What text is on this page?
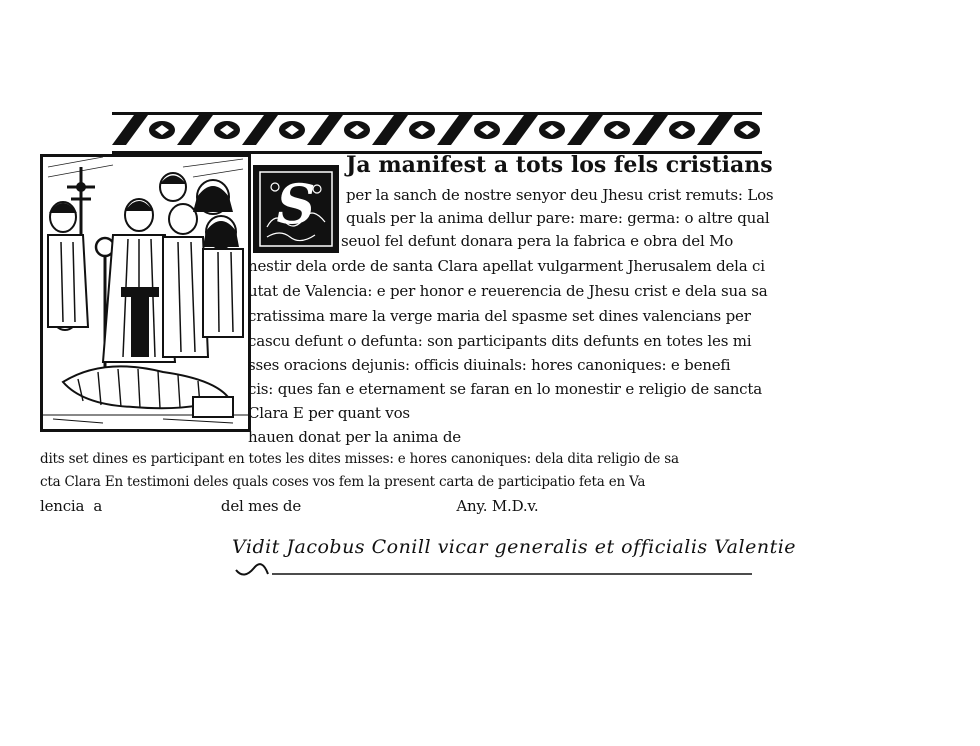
S
Ja manifest a tots los fels cristians
per la sanch de nostre senyor deu Jhesu crist remuts: Los
quals per la anima dellur pare: mare: germa: o altre qual
seuol fel defunt donara pera la fabrica e obra del Mo
nestir dela orde de santa Clara apellat vulgarment Jherusalem dela ci
utat de Valencia: e per honor e reuerencia de Jhesu crist e dela sua sa
cratissima mare la verge maria del spasme set dines valencians per
cascu defunt o defunta: son participants dits defunts en totes les mi
sses oracions dejunis: officis diuinals: hores canoniques: e benefi
cis: ques fan e eternament se faran en lo monestir e religio de sancta
Clara E per quant vos
hauen donat per la anima de
dits set dines es participant en totes les dites misses: e hores canoniques: dela dita religio de sa
cta Clara En testimoni deles quals coses vos fem la present carta de participatio feta en Va
lencia  a                          del mes de                                  Any. M.D.v.
Vidit Jacobus Conill vicar generalis et officialis Valentie
